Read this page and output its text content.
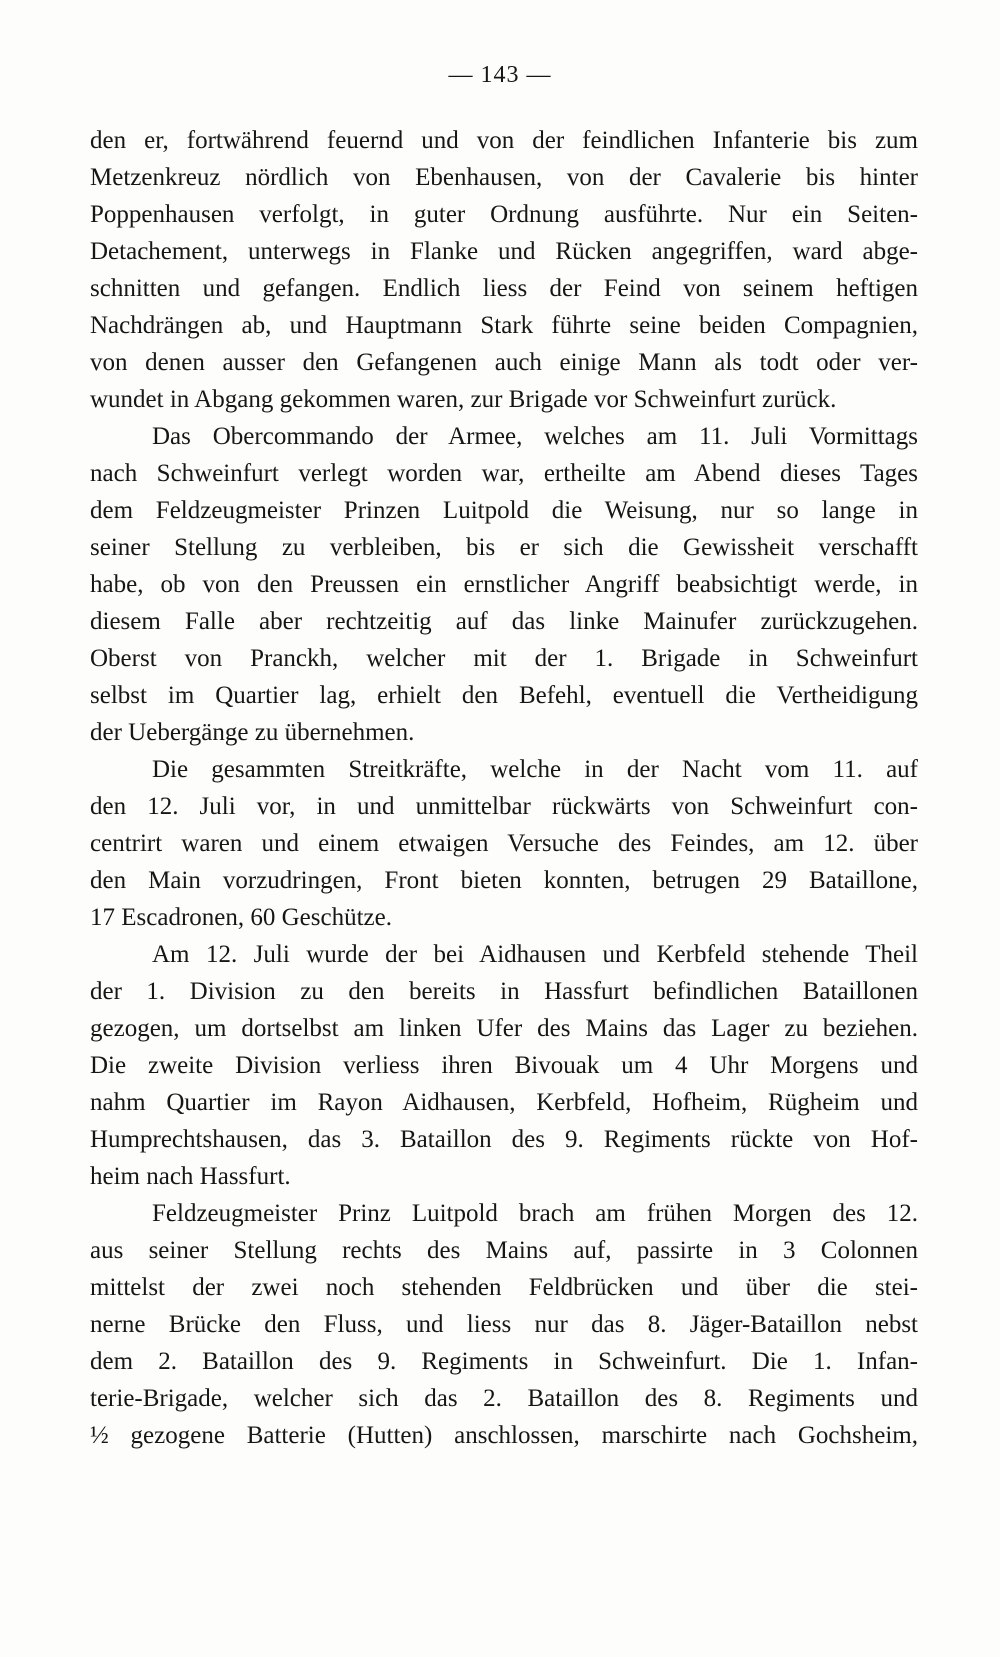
— 143 —
den er, fortwährend feuernd und von der feindlichen Infanterie bis zum
Metzenkreuz nördlich von Ebenhausen, von der Cavalerie bis hinter
Poppenhausen verfolgt, in guter Ordnung ausführte. Nur ein Seiten-
Detachement, unterwegs in Flanke und Rücken angegriffen, ward abge-
schnitten und gefangen. Endlich liess der Feind von seinem heftigen
Nachdrängen ab, und Hauptmann Stark führte seine beiden Compagnien,
von denen ausser den Gefangenen auch einige Mann als todt oder ver-
wundet in Abgang gekommen waren, zur Brigade vor Schweinfurt zurück.
Das Obercommando der Armee, welches am 11. Juli Vormittags
nach Schweinfurt verlegt worden war, ertheilte am Abend dieses Tages
dem Feldzeugmeister Prinzen Luitpold die Weisung, nur so lange in
seiner Stellung zu verbleiben, bis er sich die Gewissheit verschafft
habe, ob von den Preussen ein ernstlicher Angriff beabsichtigt werde, in
diesem Falle aber rechtzeitig auf das linke Mainufer zurückzugehen.
Oberst von Pranckh, welcher mit der 1. Brigade in Schweinfurt
selbst im Quartier lag, erhielt den Befehl, eventuell die Vertheidigung
der Uebergänge zu übernehmen.
Die gesammten Streitkräfte, welche in der Nacht vom 11. auf
den 12. Juli vor, in und unmittelbar rückwärts von Schweinfurt con-
centrirt waren und einem etwaigen Versuche des Feindes, am 12. über
den Main vorzudringen, Front bieten konnten, betrugen 29 Bataillone,
17 Escadronen, 60 Geschütze.
Am 12. Juli wurde der bei Aidhausen und Kerbfeld stehende Theil
der 1. Division zu den bereits in Hassfurt befindlichen Bataillonen
gezogen, um dortselbst am linken Ufer des Mains das Lager zu beziehen.
Die zweite Division verliess ihren Bivouak um 4 Uhr Morgens und
nahm Quartier im Rayon Aidhausen, Kerbfeld, Hofheim, Rügheim und
Humprechtshausen, das 3. Bataillon des 9. Regiments rückte von Hof-
heim nach Hassfurt.
Feldzeugmeister Prinz Luitpold brach am frühen Morgen des 12.
aus seiner Stellung rechts des Mains auf, passirte in 3 Colonnen
mittelst der zwei noch stehenden Feldbrücken und über die stei-
nerne Brücke den Fluss, und liess nur das 8. Jäger-Bataillon nebst
dem 2. Bataillon des 9. Regiments in Schweinfurt. Die 1. Infan-
terie-Brigade, welcher sich das 2. Bataillon des 8. Regiments und
½ gezogene Batterie (Hutten) anschlossen, marschirte nach Gochsheim,
